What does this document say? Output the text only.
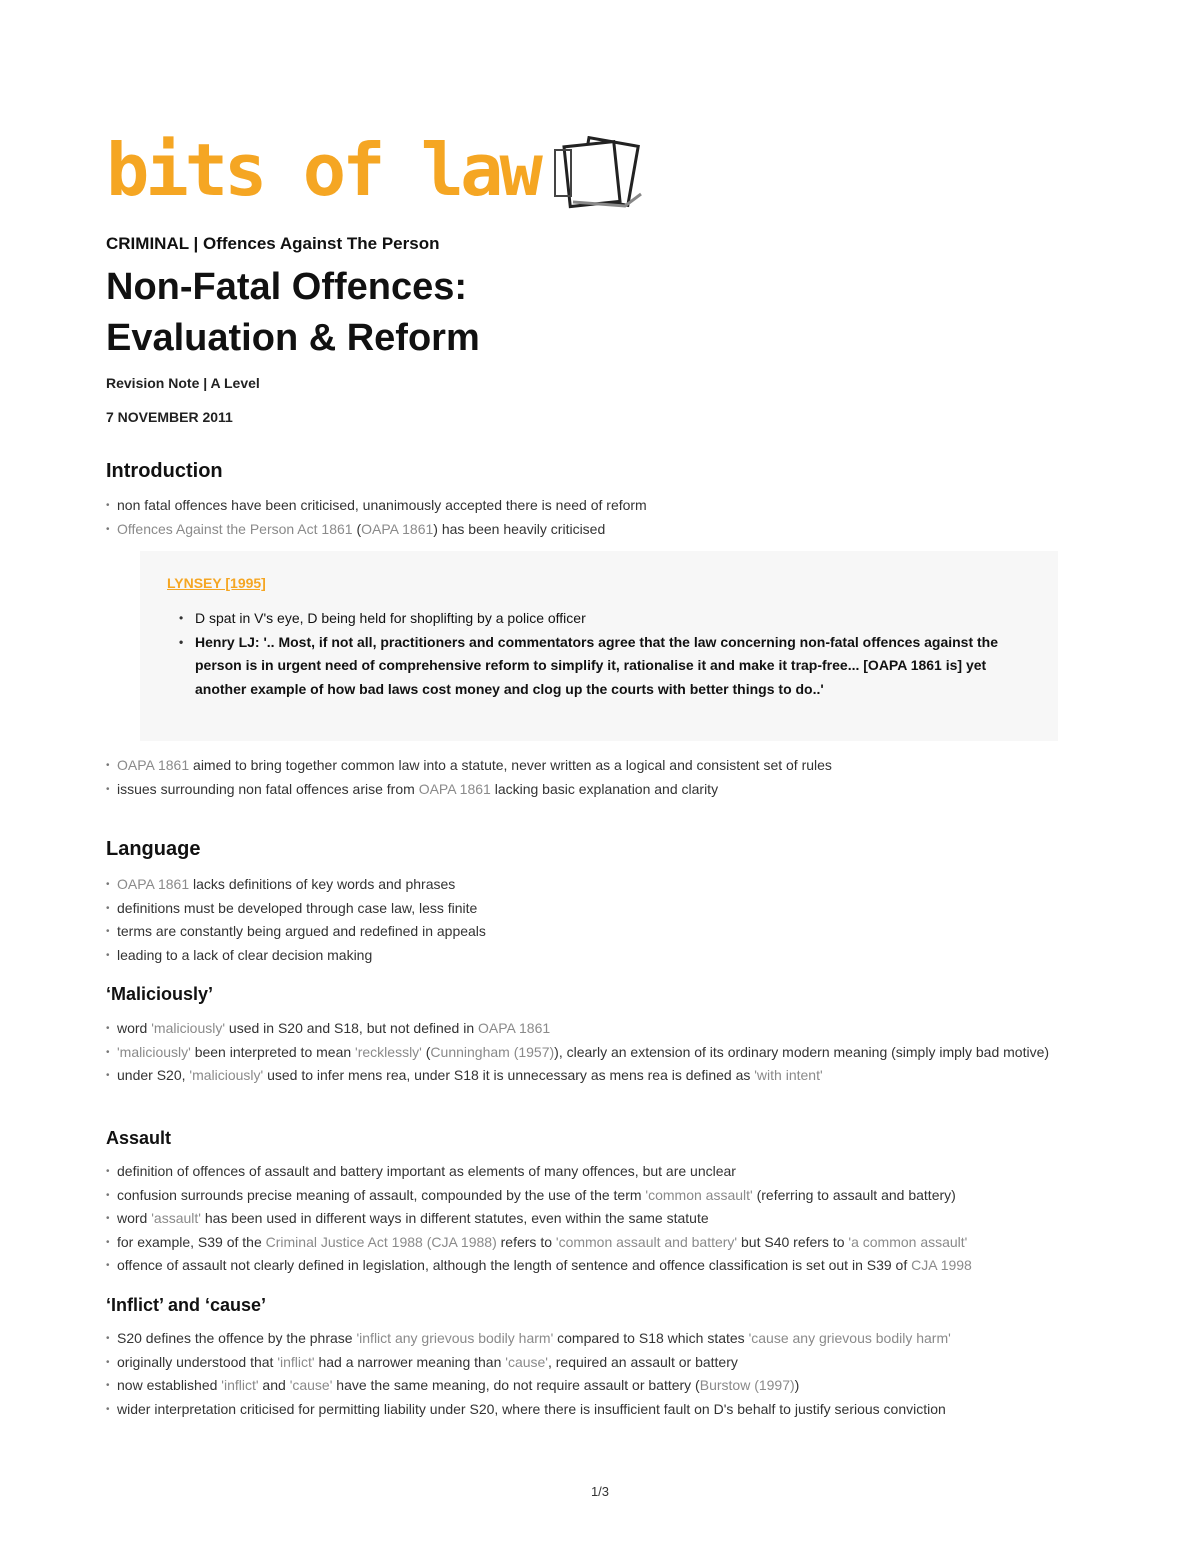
bits of law
CRIMINAL | Offences Against The Person
Non-Fatal Offences:
Evaluation & Reform
Revision Note | A Level
7 NOVEMBER 2011
Introduction
• non fatal offences have been criticised, unanimously accepted there is need of reform
• Offences Against the Person Act 1861 (OAPA 1861) has been heavily criticised
LYNSEY [1995]
• D spat in V's eye, D being held for shoplifting by a police officer
• Henry LJ: '.. Most, if not all, practitioners and commentators agree that the law concerning non-fatal offences against the person is in urgent need of comprehensive reform to simplify it, rationalise it and make it trap-free... [OAPA 1861 is] yet another example of how bad laws cost money and clog up the courts with better things to do..'
• OAPA 1861 aimed to bring together common law into a statute, never written as a logical and consistent set of rules
• issues surrounding non fatal offences arise from OAPA 1861 lacking basic explanation and clarity
Language
• OAPA 1861 lacks definitions of key words and phrases
• definitions must be developed through case law, less finite
• terms are constantly being argued and redefined in appeals
• leading to a lack of clear decision making
‘Maliciously’
• word 'maliciously' used in S20 and S18, but not defined in OAPA 1861
• 'maliciously' been interpreted to mean 'recklessly' (Cunningham (1957)), clearly an extension of its ordinary modern meaning (simply imply bad motive)
• under S20, 'maliciously' used to infer mens rea, under S18 it is unnecessary as mens rea is defined as 'with intent'
Assault
• definition of offences of assault and battery important as elements of many offences, but are unclear
• confusion surrounds precise meaning of assault, compounded by the use of the term 'common assault' (referring to assault and battery)
• word 'assault' has been used in different ways in different statutes, even within the same statute
• for example, S39 of the Criminal Justice Act 1988 (CJA 1988) refers to 'common assault and battery' but S40 refers to 'a common assault'
• offence of assault not clearly defined in legislation, although the length of sentence and offence classification is set out in S39 of CJA 1998
‘Inflict’ and ‘cause’
• S20 defines the offence by the phrase 'inflict any grievous bodily harm' compared to S18 which states 'cause any grievous bodily harm'
• originally understood that 'inflict' had a narrower meaning than 'cause', required an assault or battery
• now established 'inflict' and 'cause' have the same meaning, do not require assault or battery (Burstow (1997))
• wider interpretation criticised for permitting liability under S20, where there is insufficient fault on D's behalf to justify serious conviction
1/3
